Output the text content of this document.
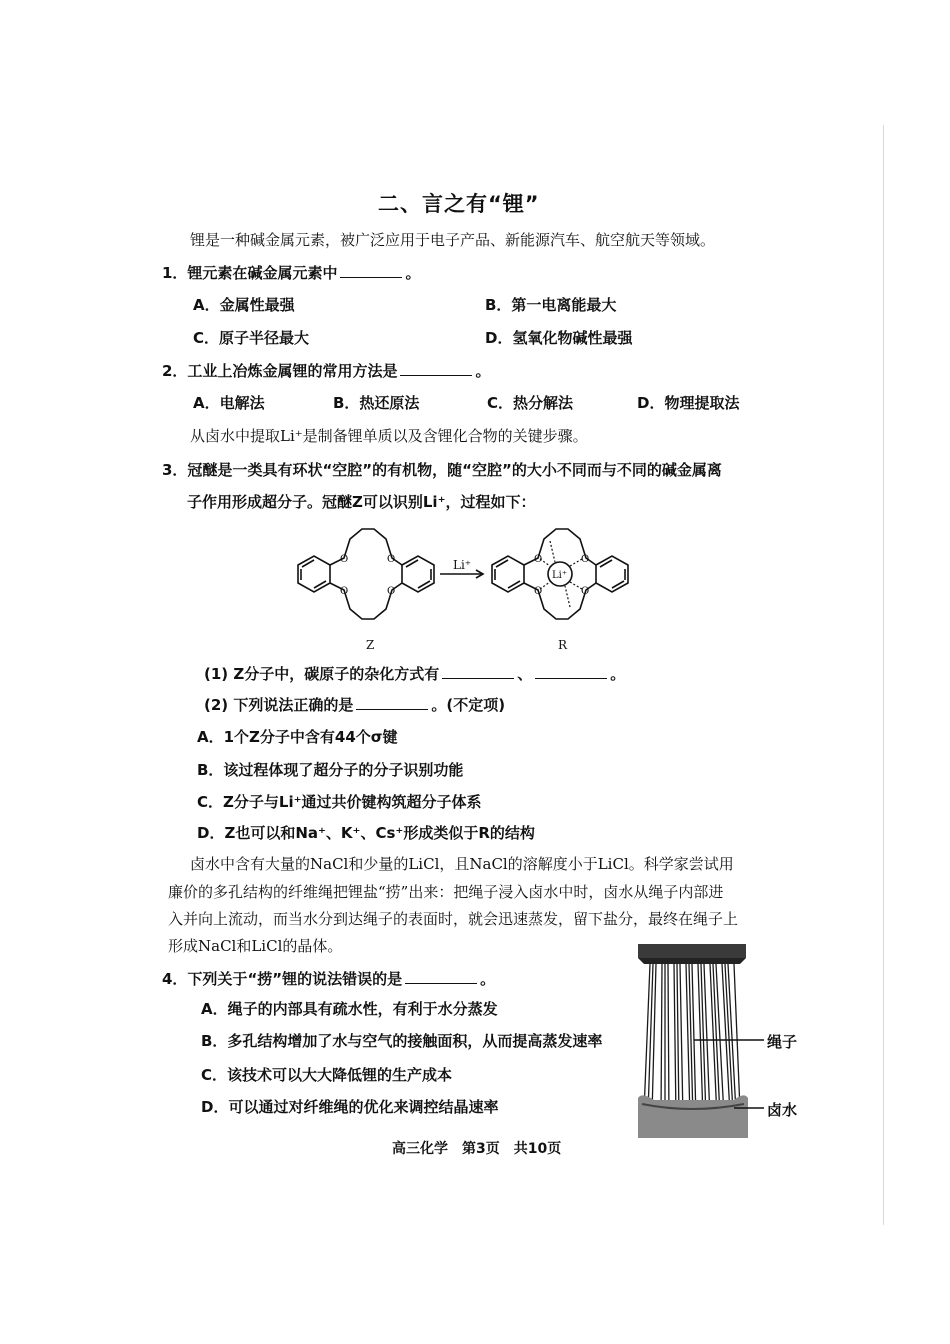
二、言之有“锂”
锂是一种碱金属元素，被广泛应用于电子产品、新能源汽车、航空航天等领域。
1．锂元素在碱金属元素中	。
A．金属性最强	B．第一电离能最大
C．原子半径最大	D．氢氧化物碱性最强
2．工业上冶炼金属锂的常用方法是	。
A．电解法	B．热还原法	C．热分解法	D．物理提取法
从卤水中提取Li⁺是制备锂单质以及含锂化合物的关键步骤。
3．冠醚是一类具有环状“空腔”的有机物，随“空腔”的大小不同而与不同的碱金属离
子作用形成超分子。冠醚Z可以识别Li⁺，过程如下：
O	O
O	O
O	O
O	O
Li⁺
Li⁺
Z	R
(1) Z分子中，碳原子的杂化方式有	、	。
(2) 下列说法正确的是	。(不定项)
A．1个Z分子中含有44个σ键
B．该过程体现了超分子的分子识别功能
C．Z分子与Li⁺通过共价键构筑超分子体系
D．Z也可以和Na⁺、K⁺、Cs⁺形成类似于R的结构
卤水中含有大量的NaCl和少量的LiCl，且NaCl的溶解度小于LiCl。科学家尝试用
廉价的多孔结构的纤维绳把锂盐“捞”出来：把绳子浸入卤水中时，卤水从绳子内部进
入并向上流动，而当水分到达绳子的表面时，就会迅速蒸发，留下盐分，最终在绳子上
形成NaCl和LiCl的晶体。
4．下列关于“捞”锂的说法错误的是	。
A．绳子的内部具有疏水性，有利于水分蒸发
B．多孔结构增加了水与空气的接触面积，从而提高蒸发速率
C．该技术可以大大降低锂的生产成本
D．可以通过对纤维绳的优化来调控结晶速率
绳子
卤水
高三化学　第3页　共10页
